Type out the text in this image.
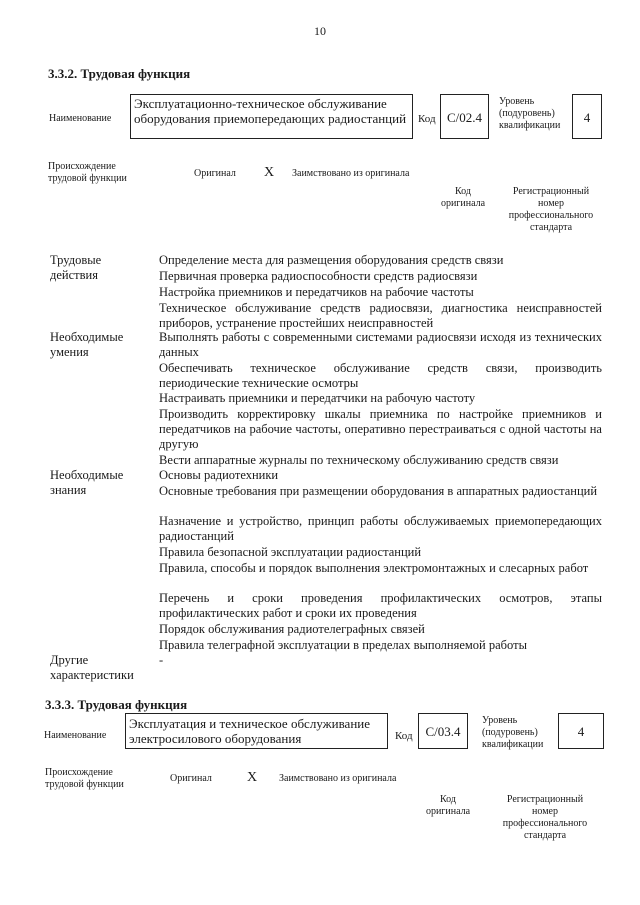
10
3.3.2. Трудовая функция
Наименование
Эксплуатационно-техническое обслуживание оборудования приемопередающих радиостанций	Код С/02.4
Уровень (подуровень) квалификации
4
Происхождение трудовой функции	Оригинал X Заимствовано из оригинала
Код оригинала
Регистрационный номер профессионального стандарта
Трудовые действия
Определение места для размещения оборудования средств связи
Первичная проверка радиоспособности средств радиосвязи
Настройка приемников и передатчиков на рабочие частоты
Техническое обслуживание средств радиосвязи, диагностика неисправностей приборов, устранение простейших неисправностей
Необходимые умения
Выполнять работы с современными системами радиосвязи исходя из технических данных
Обеспечивать техническое обслуживание средств связи, производить периодические технические осмотры
Настраивать приемники и передатчики на рабочую частоту
Производить корректировку шкалы приемника по настройке приемников и передатчиков на рабочие частоты, оперативно перестраиваться с одной частоты на другую
Вести аппаратные журналы по техническому обслуживанию средств связи
Необходимые знания
Основы радиотехники
Основные требования при размещении оборудования в аппаратных радиостанций
Назначение и устройство, принцип работы обслуживаемых приемопередающих радиостанций
Правила безопасной эксплуатации радиостанций
Правила, способы и порядок выполнения электромонтажных и слесарных работ
Перечень и сроки проведения профилактических осмотров, этапы профилактических работ и сроки их проведения
Порядок обслуживания радиотелеграфных связей
Правила телеграфной эксплуатации в пределах выполняемой работы
Другие характеристики
-
3.3.3. Трудовая функция
Наименование
Эксплуатация и техническое обслуживание электросилового оборудования	Код С/03.4
Уровень (подуровень) квалификации
4
Происхождение трудовой функции
Оригинал	X Заимствовано из оригинала
Код оригинала
Регистрационный номер профессионального стандарта
